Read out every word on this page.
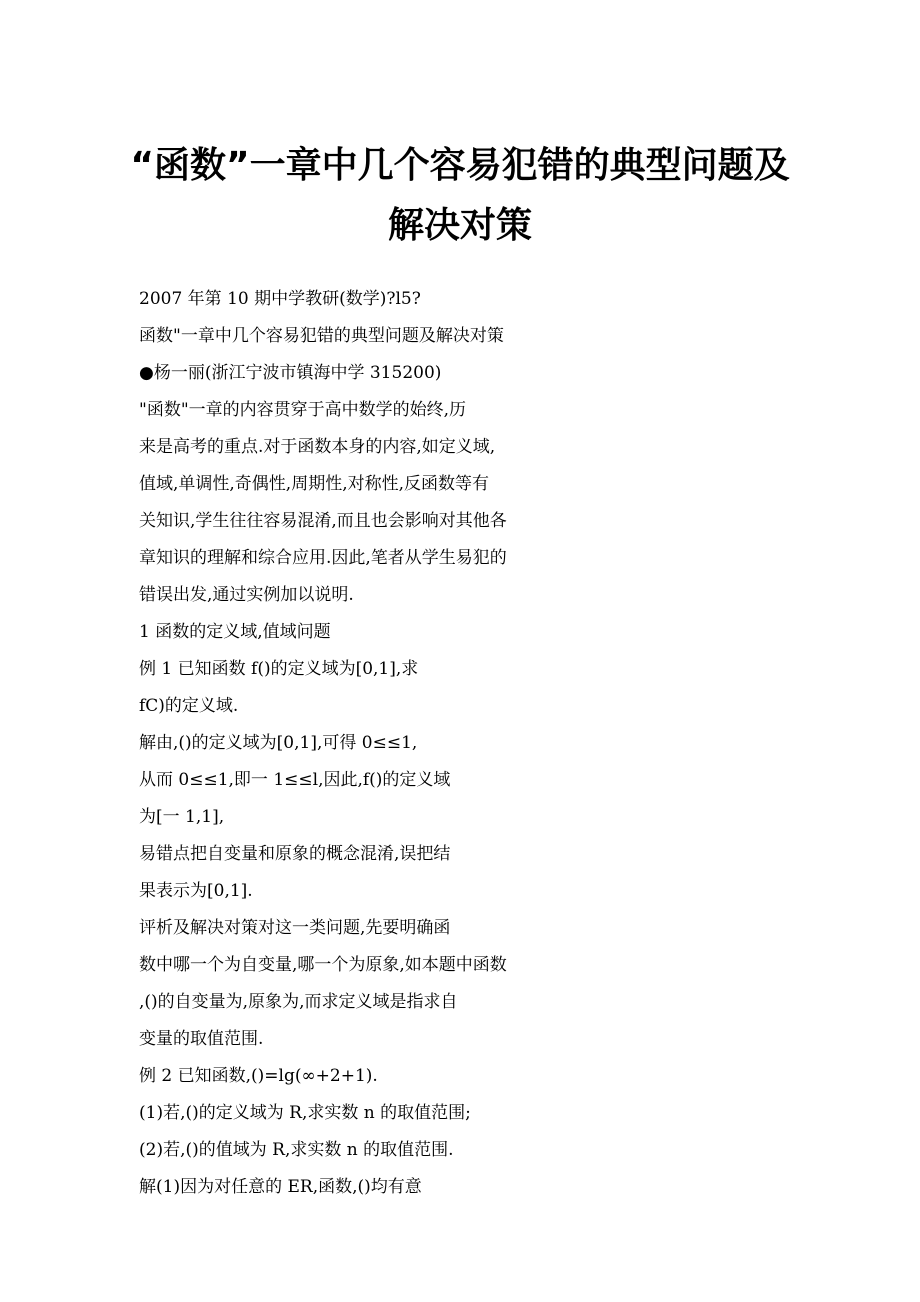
“函数”一章中几个容易犯错的典型问题及
解决对策
2007 年第 10 期中学教研(数学)?l5?
函数"一章中几个容易犯错的典型问题及解决对策
●杨一丽(浙江宁波市镇海中学 315200)
"函数"一章的内容贯穿于高中数学的始终,历
来是高考的重点.对于函数本身的内容,如定义域,
值域,单调性,奇偶性,周期性,对称性,反函数等有
关知识,学生往往容易混淆,而且也会影响对其他各
章知识的理解和综合应用.因此,笔者从学生易犯的
错误出发,通过实例加以说明.
1 函数的定义域,值域问题
例 1 已知函数 f()的定义域为[0,1],求
fC)的定义域.
解由,()的定义域为[0,1],可得 0≤≤1,
从而 0≤≤1,即一 1≤≤l,因此,f()的定义域
为[一 1,1],
易错点把自变量和原象的概念混淆,误把结
果表示为[0,1].
评析及解决对策对这一类问题,先要明确函
数中哪一个为自变量,哪一个为原象,如本题中函数
,()的自变量为,原象为,而求定义域是指求自
变量的取值范围.
例 2 已知函数,()=lg(∞+2+1).
(1)若,()的定义域为 R,求实数 n 的取值范围;
(2)若,()的值域为 R,求实数 n 的取值范围.
解(1)因为对任意的 ER,函数,()均有意
